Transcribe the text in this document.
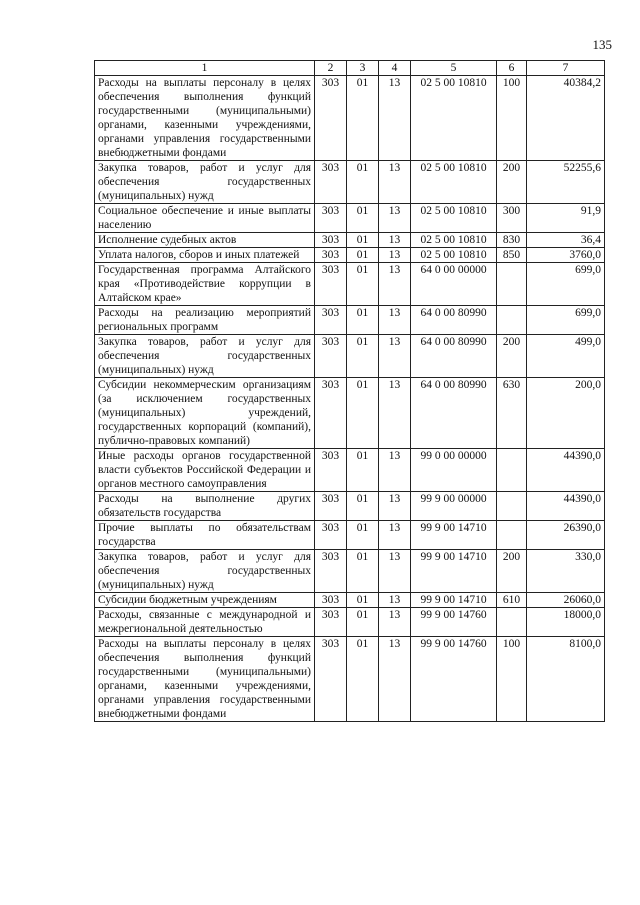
135
1	2	3	4	5	6	7
Расходы на выплаты персоналу в целях обеспечения выполнения функций государственными (муниципальными) органами, казенными учреждениями, органами управления государственными внебюджетными фондами	303	01	13	02 5 00 10810	100	40384,2
Закупка товаров, работ и услуг для обеспечения государственных (муниципальных) нужд	303	01	13	02 5 00 10810	200	52255,6
Социальное обеспечение и иные выплаты населению	303	01	13	02 5 00 10810	300	91,9
Исполнение судебных актов	303	01	13	02 5 00 10810	830	36,4
Уплата налогов, сборов и иных платежей	303	01	13	02 5 00 10810	850	3760,0
Государственная программа Алтайского края «Противодействие коррупции в Алтайском крае»	303	01	13	64 0 00 00000		699,0
Расходы на реализацию мероприятий региональных программ	303	01	13	64 0 00 80990		699,0
Закупка товаров, работ и услуг для обеспечения государственных (муниципальных) нужд	303	01	13	64 0 00 80990	200	499,0
Субсидии некоммерческим организациям (за исключением государственных (муниципальных) учреждений, государственных корпораций (компаний), публично-правовых компаний)	303	01	13	64 0 00 80990	630	200,0
Иные расходы органов государственной власти субъектов Российской Федерации и органов местного самоуправления	303	01	13	99 0 00 00000		44390,0
Расходы на выполнение других обязательств государства	303	01	13	99 9 00 00000		44390,0
Прочие выплаты по обязательствам государства	303	01	13	99 9 00 14710		26390,0
Закупка товаров, работ и услуг для обеспечения государственных (муниципальных) нужд	303	01	13	99 9 00 14710	200	330,0
Субсидии бюджетным учреждениям	303	01	13	99 9 00 14710	610	26060,0
Расходы, связанные с международной и межрегиональной деятельностью	303	01	13	99 9 00 14760		18000,0
Расходы на выплаты персоналу в целях обеспечения выполнения функций государственными (муниципальными) органами, казенными учреждениями, органами управления государственными внебюджетными фондами	303	01	13	99 9 00 14760	100	8100,0
